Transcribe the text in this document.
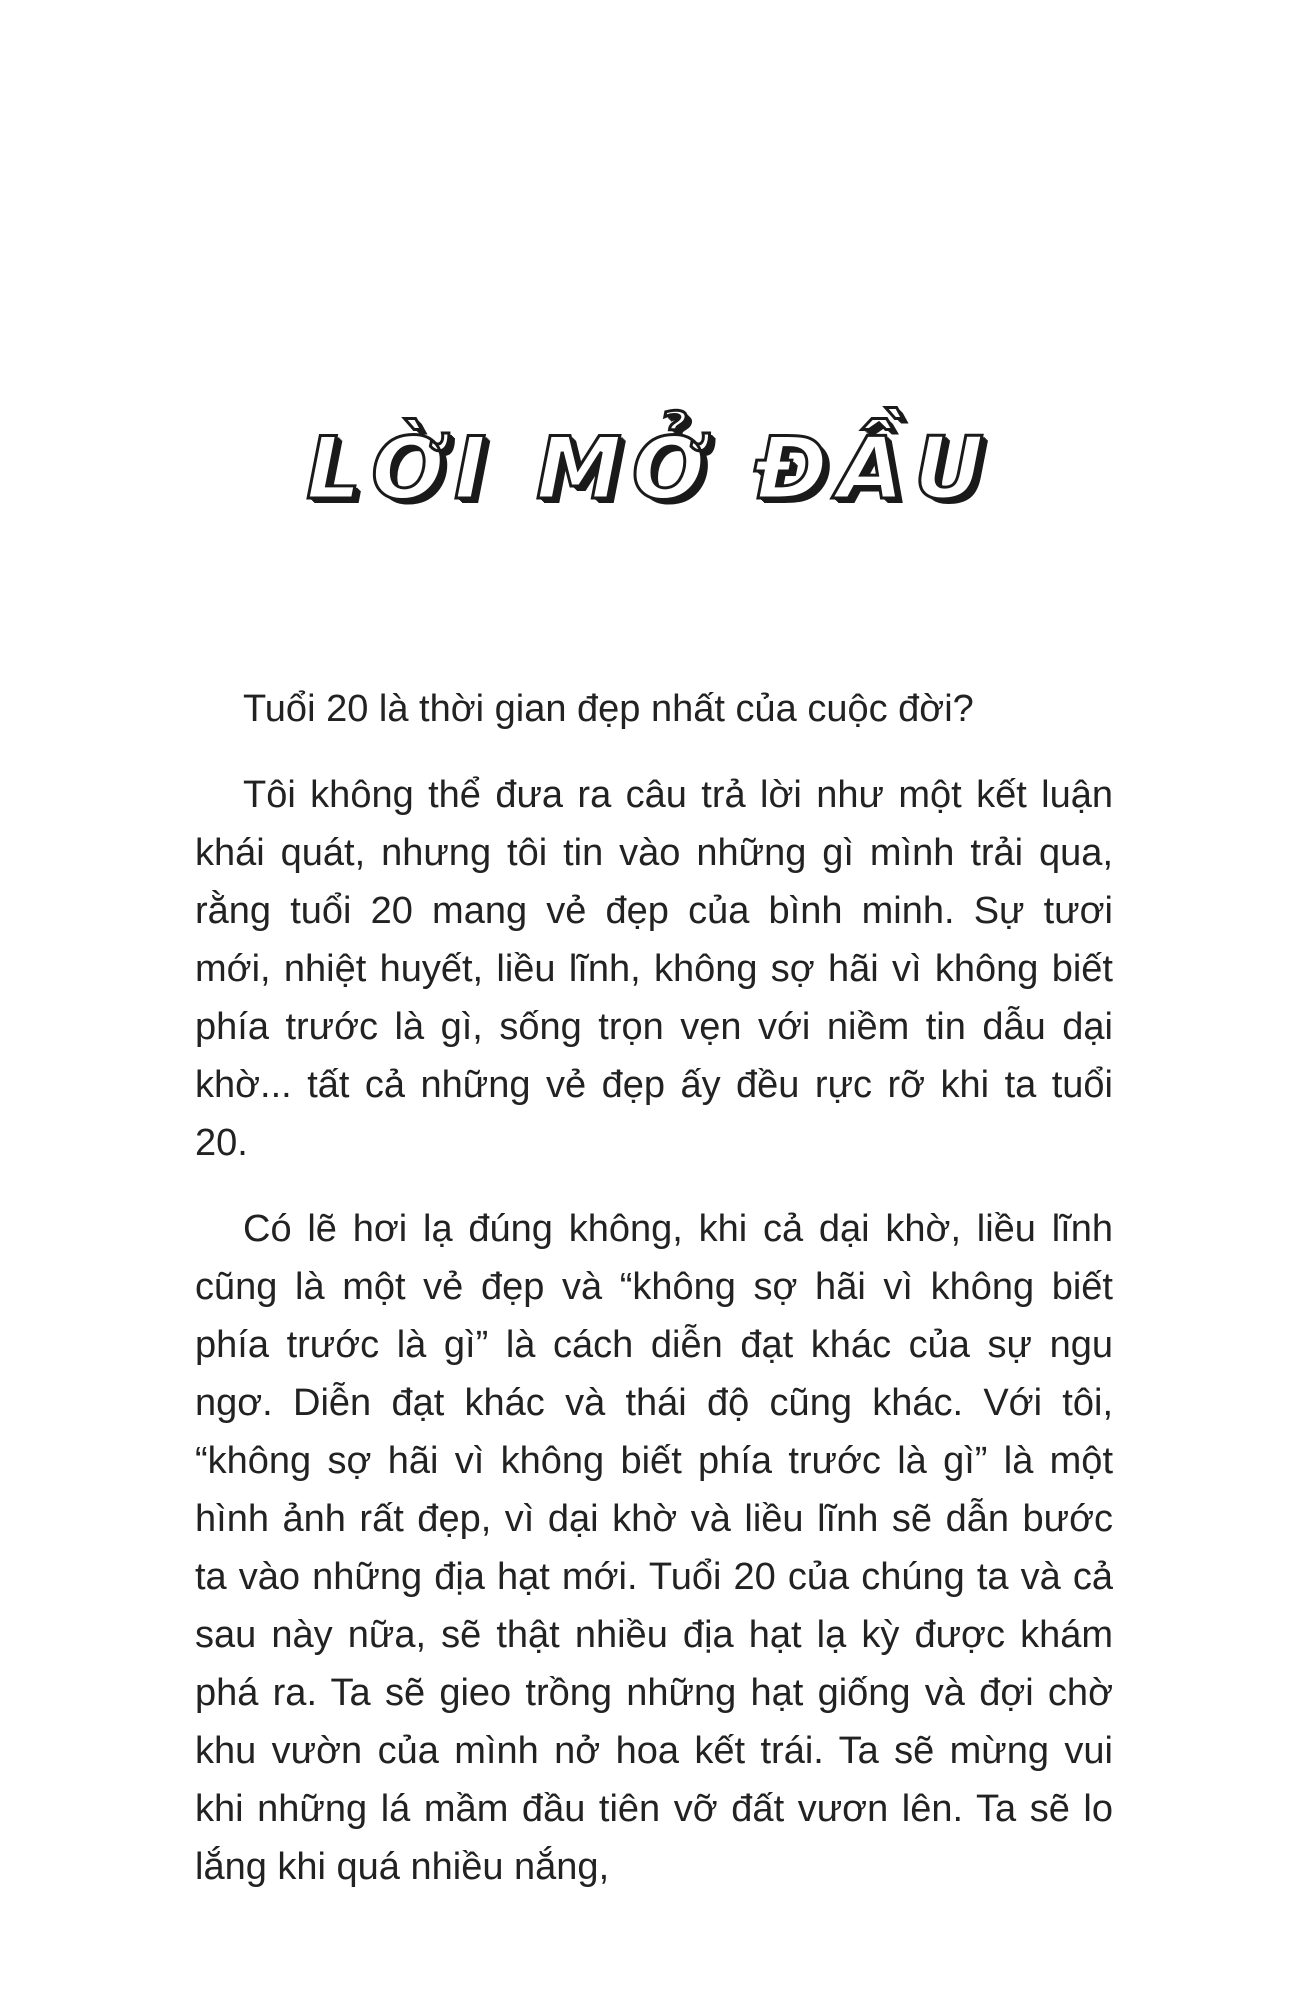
LỜI MỞ ĐẦU

Tuổi 20 là thời gian đẹp nhất của cuộc đời?

Tôi không thể đưa ra câu trả lời như một kết luận khái quát, nhưng tôi tin vào những gì mình trải qua, rằng tuổi 20 mang vẻ đẹp của bình minh. Sự tươi mới, nhiệt huyết, liều lĩnh, không sợ hãi vì không biết phía trước là gì, sống trọn vẹn với niềm tin dẫu dại khờ... tất cả những vẻ đẹp ấy đều rực rỡ khi ta tuổi 20.

Có lẽ hơi lạ đúng không, khi cả dại khờ, liều lĩnh cũng là một vẻ đẹp và “không sợ hãi vì không biết phía trước là gì” là cách diễn đạt khác của sự ngu ngơ. Diễn đạt khác và thái độ cũng khác. Với tôi, “không sợ hãi vì không biết phía trước là gì” là một hình ảnh rất đẹp, vì dại khờ và liều lĩnh sẽ dẫn bước ta vào những địa hạt mới. Tuổi 20 của chúng ta và cả sau này nữa, sẽ thật nhiều địa hạt lạ kỳ được khám phá ra. Ta sẽ gieo trồng những hạt giống và đợi chờ khu vườn của mình nở hoa kết trái. Ta sẽ mừng vui khi những lá mầm đầu tiên vỡ đất vươn lên. Ta sẽ lo lắng khi quá nhiều nắng,
